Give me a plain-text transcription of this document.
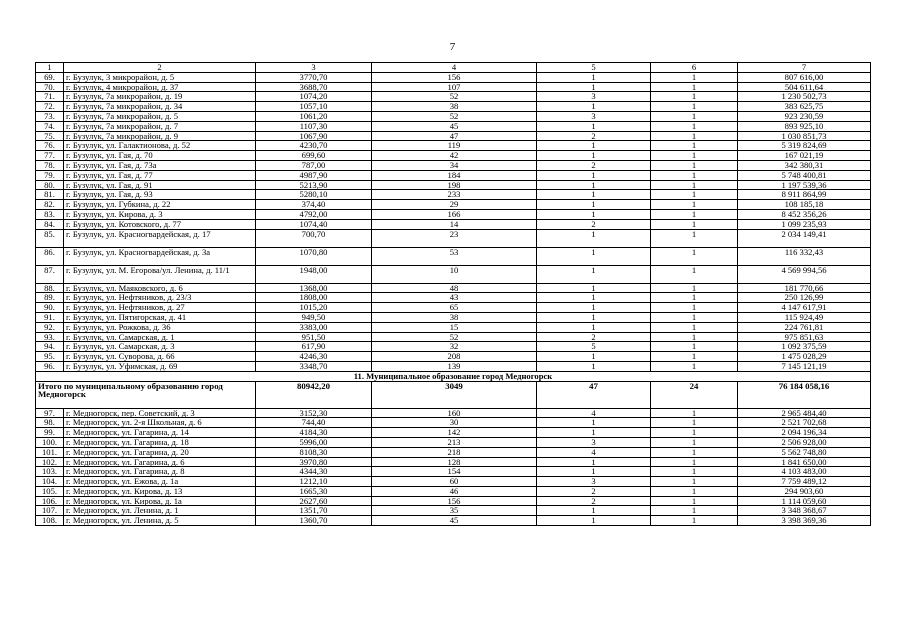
7
1	2	3	4	5	6	7
69.	г. Бузулук, 3 микрорайон, д. 5	3770,70	156	1	1	807 616,00
70.	г. Бузулук, 4 микрорайон, д. 37	3688,70	107	1	1	504 611,64
71.	г. Бузулук, 7а микрорайон, д. 19	1074,20	52	3	1	1 230 502,73
72.	г. Бузулук, 7а микрорайон, д. 34	1057,10	38	1	1	383 625,75
73.	г. Бузулук, 7а микрорайон, д. 5	1061,20	52	3	1	923 230,59
74.	г. Бузулук, 7а микрорайон, д. 7	1107,30	45	1	1	893 925,10
75.	г. Бузулук, 7а микрорайон, д. 9	1067,90	47	2	1	1 030 851,73
76.	г. Бузулук, ул. Галактионова, д. 52	4230,70	119	1	1	5 319 824,69
77.	г. Бузулук, ул. Гая, д. 70	699,60	42	1	1	167 021,19
78.	г. Бузулук, ул. Гая, д. 73а	787,00	34	2	1	342 380,31
79.	г. Бузулук, ул. Гая, д. 77	4987,90	184	1	1	5 748 400,81
80.	г. Бузулук, ул. Гая, д. 91	5213,90	198	1	1	1 197 539,36
81.	г. Бузулук, ул. Гая, д. 93	5280,10	233	1	1	8 911 864,99
82.	г. Бузулук, ул. Губкина, д. 22	374,40	29	1	1	108 185,18
83.	г. Бузулук, ул. Кирова, д. 3	4792,00	166	1	1	8 452 356,26
84.	г. Бузулук, ул. Котовского, д. 77	1074,40	14	2	1	1 099 235,93
85.	г. Бузулук, ул. Красногвардейская, д. 17	700,70	23	1	1	2 034 149,41
86.	г. Бузулук, ул. Красногвардейская, д. 3а	1070,80	53	1	1	116 332,43
87.	г. Бузулук, ул. М. Егорова/ул. Ленина, д. 11/1	1948,00	10	1	1	4 569 994,56
88.	г. Бузулук, ул. Маяковского, д. 6	1368,00	48	1	1	181 770,66
89.	г. Бузулук, ул. Нефтяников, д. 23/3	1808,00	43	1	1	250 126,99
90.	г. Бузулук, ул. Нефтяников, д. 27	1015,20	65	1	1	4 147 617,91
91.	г. Бузулук, ул. Пятигорская, д. 41	949,50	38	1	1	115 924,49
92.	г. Бузулук, ул. Рожкова, д. 36	3383,00	15	1	1	224 761,81
93.	г. Бузулук, ул. Самарская, д. 1	951,50	52	2	1	975 851,63
94.	г. Бузулук, ул. Самарская, д. 3	617,90	32	5	1	1 092 375,59
95.	г. Бузулук, ул. Суворова, д. 66	4246,30	208	1	1	1 475 028,29
96.	г. Бузулук, ул. Уфимская, д. 69	3348,70	139	1	1	7 145 121,19
11. Муниципальное образование город Медногорск						
Итого по муниципальному образованию город Медногорск		80942,20	3049	47	24	76 184 058,16
97.	г. Медногорск, пер. Советский, д. 3	3152,30	160	4	1	2 965 484,40
98.	г. Медногорск, ул. 2-я Школьная, д. 6	744,40	30	1	1	2 521 702,68
99.	г. Медногорск, ул. Гагарина, д. 14	4184,30	142	1	1	2 094 196,34
100.	г. Медногорск, ул. Гагарина, д. 18	5996,00	213	3	1	2 506 928,00
101.	г. Медногорск, ул. Гагарина, д. 20	8108,30	218	4	1	5 562 748,80
102.	г. Медногорск, ул. Гагарина, д. 6	3970,80	128	1	1	1 841 650,00
103.	г. Медногорск, ул. Гагарина, д. 8	4344,30	154	1	1	4 103 483,00
104.	г. Медногорск, ул. Ежова, д. 1а	1212,10	60	3	1	7 759 489,12
105.	г. Медногорск, ул. Кирова, д. 13	1665,30	46	2	1	294 903,60
106.	г. Медногорск, ул. Кирова, д. 1а	2627,60	156	2	1	1 114 059,60
107.	г. Медногорск, ул. Ленина, д. 1	1351,70	35	1	1	3 348 368,67
108.	г. Медногорск, ул. Ленина, д. 5	1360,70	45	1	1	3 398 369,36
